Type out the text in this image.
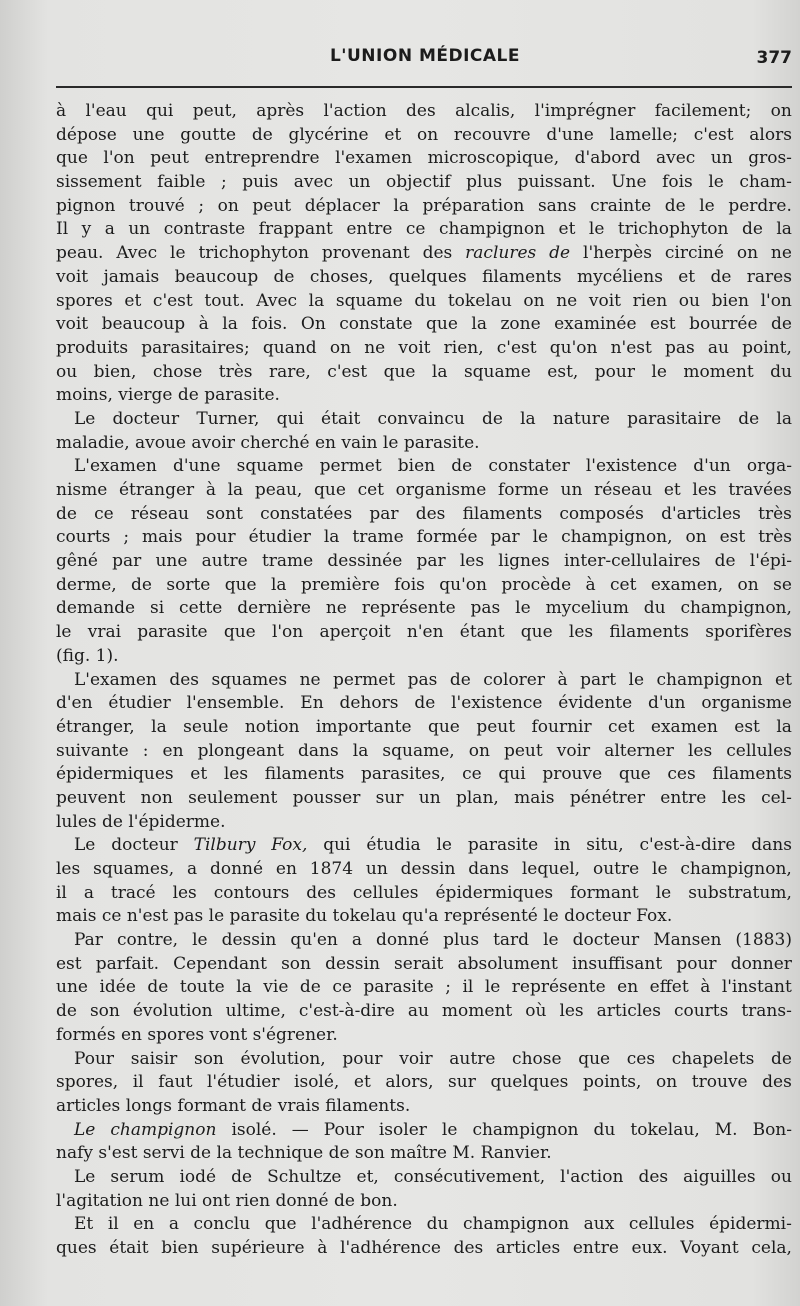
L'UNION MÉDICALE	377
à l'eau qui peut, après l'action des alcalis, l'imprégner facilement; on
dépose une goutte de glycérine et on recouvre d'une lamelle; c'est alors
que l'on peut entreprendre l'examen microscopique, d'abord avec un gros-
sissement faible ; puis avec un objectif plus puissant. Une fois le cham-
pignon trouvé ; on peut déplacer la préparation sans crainte de le perdre.
Il y a un contraste frappant entre ce champignon et le trichophyton de la
peau. Avec le trichophyton provenant des raclures de l'herpès circiné on ne
voit jamais beaucoup de choses, quelques filaments mycéliens et de rares
spores et c'est tout. Avec la squame du tokelau on ne voit rien ou bien l'on
voit beaucoup à la fois. On constate que la zone examinée est bourrée de
produits parasitaires; quand on ne voit rien, c'est qu'on n'est pas au point,
ou bien, chose très rare, c'est que la squame est, pour le moment du
moins, vierge de parasite.
Le docteur Turner, qui était convaincu de la nature parasitaire de la
maladie, avoue avoir cherché en vain le parasite.
L'examen d'une squame permet bien de constater l'existence d'un orga-
nisme étranger à la peau, que cet organisme forme un réseau et les travées
de ce réseau sont constatées par des filaments composés d'articles très
courts ; mais pour étudier la trame formée par le champignon, on est très
gêné par une autre trame dessinée par les lignes inter-cellulaires de l'épi-
derme, de sorte que la première fois qu'on procède à cet examen, on se
demande si cette dernière ne représente pas le mycelium du champignon,
le vrai parasite que l'on aperçoit n'en étant que les filaments sporifères
(fig. 1).
L'examen des squames ne permet pas de colorer à part le champignon et
d'en étudier l'ensemble. En dehors de l'existence évidente d'un organisme
étranger, la seule notion importante que peut fournir cet examen est la
suivante : en plongeant dans la squame, on peut voir alterner les cellules
épidermiques et les filaments parasites, ce qui prouve que ces filaments
peuvent non seulement pousser sur un plan, mais pénétrer entre les cel-
lules de l'épiderme.
Le docteur Tilbury Fox, qui étudia le parasite in situ, c'est-à-dire dans
les squames, a donné en 1874 un dessin dans lequel, outre le champignon,
il a tracé les contours des cellules épidermiques formant le substratum,
mais ce n'est pas le parasite du tokelau qu'a représenté le docteur Fox.
Par contre, le dessin qu'en a donné plus tard le docteur Mansen (1883)
est parfait. Cependant son dessin serait absolument insuffisant pour donner
une idée de toute la vie de ce parasite ; il le représente en effet à l'instant
de son évolution ultime, c'est-à-dire au moment où les articles courts trans-
formés en spores vont s'égrener.
Pour saisir son évolution, pour voir autre chose que ces chapelets de
spores, il faut l'étudier isolé, et alors, sur quelques points, on trouve des
articles longs formant de vrais filaments.
Le champignon isolé. — Pour isoler le champignon du tokelau, M. Bon-
nafy s'est servi de la technique de son maître M. Ranvier.
Le serum iodé de Schultze et, consécutivement, l'action des aiguilles ou
l'agitation ne lui ont rien donné de bon.
Et il en a conclu que l'adhérence du champignon aux cellules épidermi-
ques était bien supérieure à l'adhérence des articles entre eux. Voyant cela,
